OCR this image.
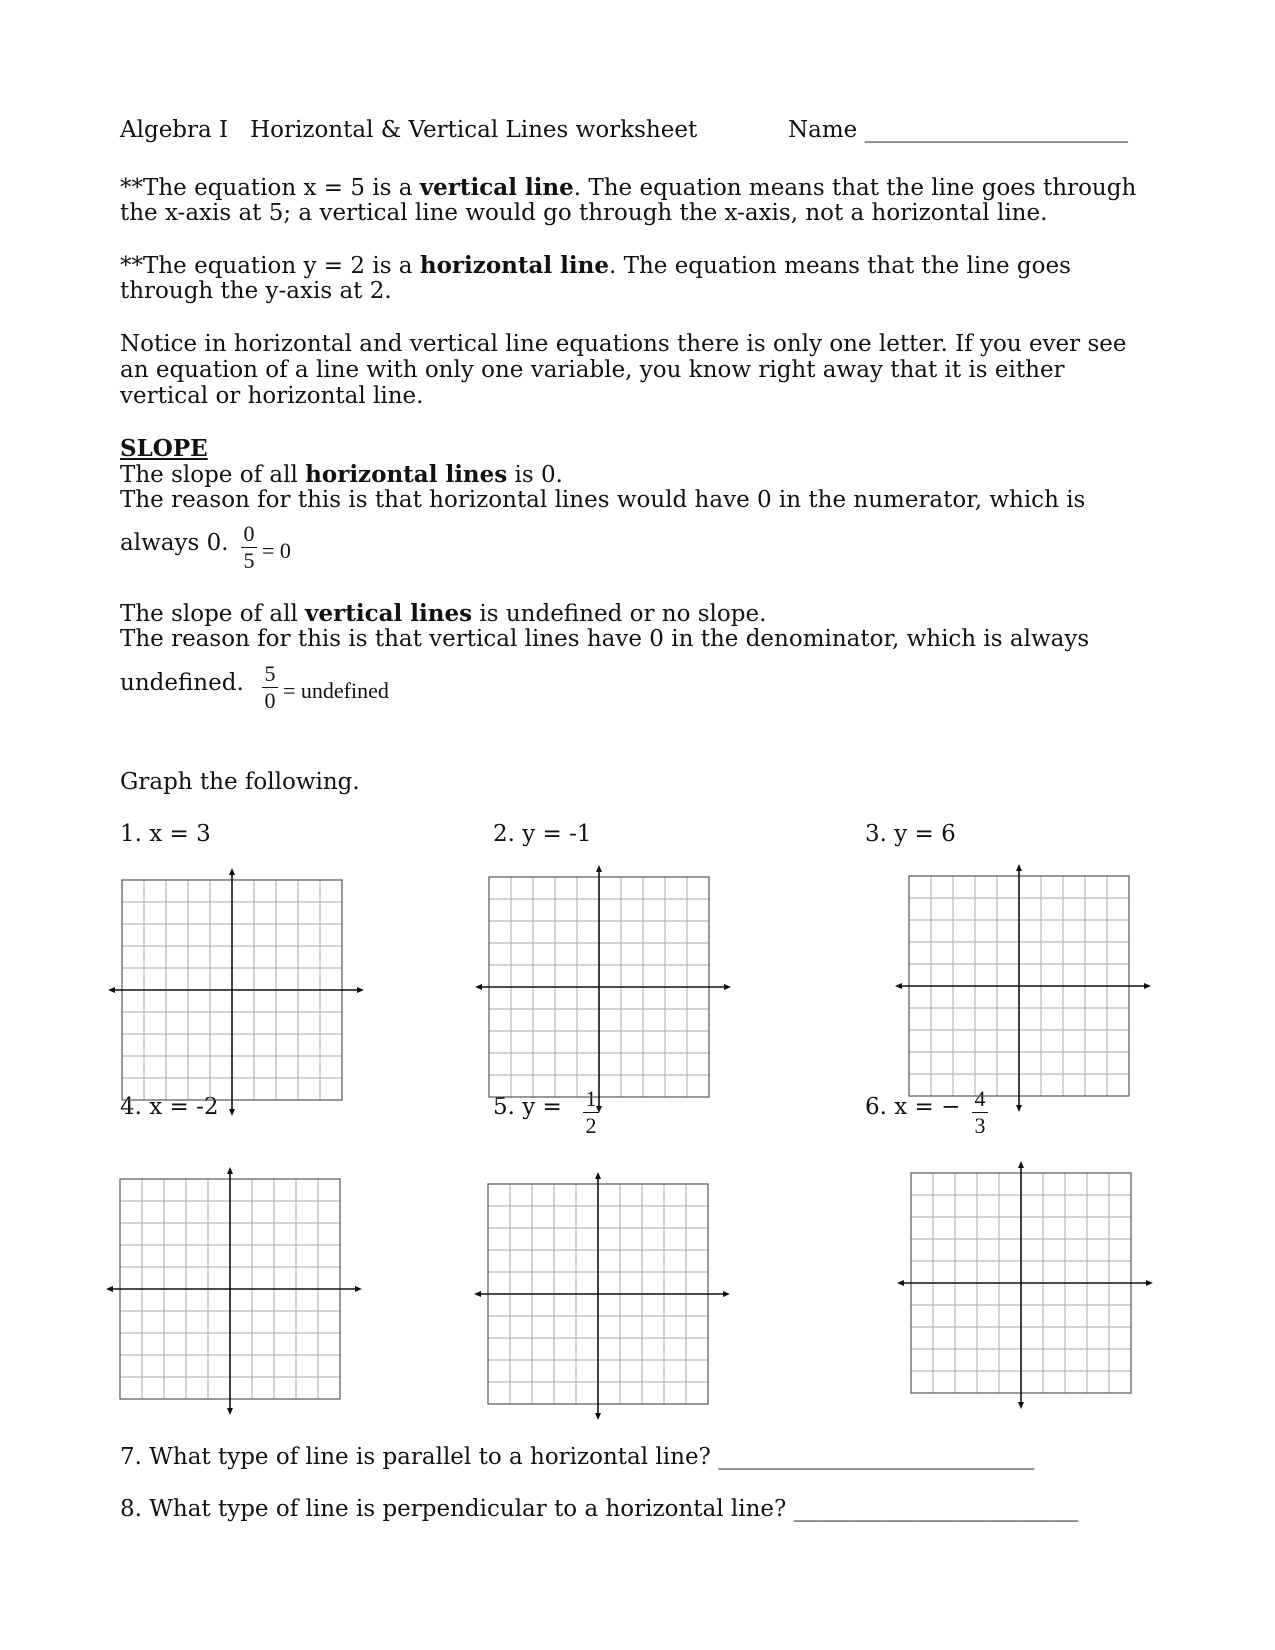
Algebra I Horizontal & Vertical Lines worksheet	Name _________________________
**The equation x = 5 is a vertical line. The equation means that the line goes through
the x-axis at 5; a vertical line would go through the x-axis, not a horizontal line.
**The equation y = 2 is a horizontal line. The equation means that the line goes
through the y-axis at 2.
Notice in horizontal and vertical line equations there is only one letter. If you ever see
an equation of a line with only one variable, you know right away that it is either
vertical or horizontal line.
SLOPE
The slope of all horizontal lines is 0.
The reason for this is that horizontal lines would have 0 in the numerator, which is
always 0. 0
5 = 0
The slope of all vertical lines is undefined or no slope.
The reason for this is that vertical lines have 0 in the denominator, which is always
undefined. 5
0 = undefined
Graph the following.
1. x = 3	2. y = -1	3. y = 6
4. x = -2	5. y = 1
2
6. x = − 4
3
7. What type of line is parallel to a horizontal line? ______________________________
8. What type of line is perpendicular to a horizontal line? ___________________________
